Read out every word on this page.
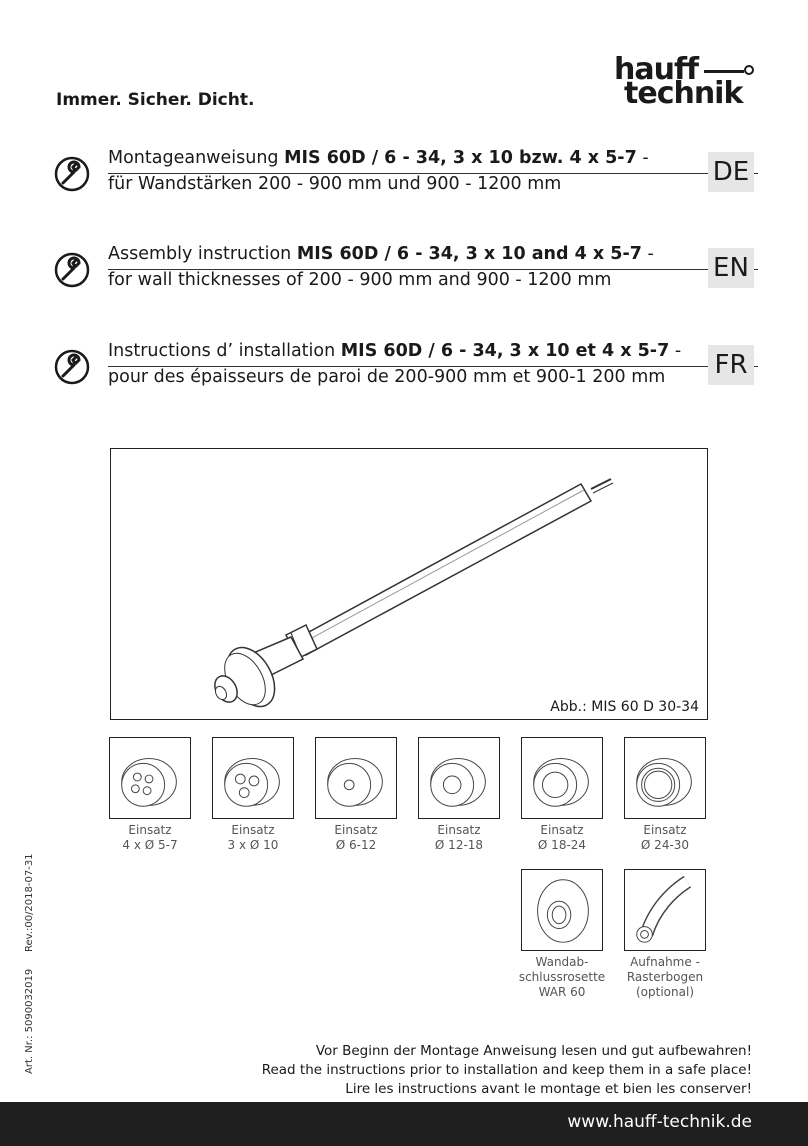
Immer. Sicher. Dicht.
hauff
technik
Montageanweisung MIS 60D / 6 - 34, 3 x 10 bzw. 4 x 5-7 -
für Wandstärken 200 - 900 mm und 900 - 1200 mm	DE
Assembly instruction MIS 60D / 6 - 34, 3 x 10 and 4 x 5-7 -
for wall thicknesses of 200 - 900 mm and 900 - 1200 mm	EN
Instructions d’ installation MIS 60D / 6 - 34, 3 x 10 et 4 x 5-7 -
pour des épaisseurs de paroi de 200-900 mm et 900-1 200 mm FR
Abb.: MIS 60 D 30-34
Einsatz
4 x Ø 5-7
Einsatz
3 x Ø 10
Einsatz
Ø 6-12
Einsatz
Ø 12-18
Einsatz
Ø 18-24
Einsatz
Ø 24-30
Wandab-
schlussrosette
WAR 60
Aufnahme -
Rasterbogen
(optional)
Rev.:00/2018-07-31
Art. Nr.: 5090032019	Vor Beginn der Montage Anweisung lesen und gut aufbewahren!
Read the instructions prior to installation and keep them in a safe place!
Lire les instructions avant le montage et bien les conserver!
www.hauff-technik.de
